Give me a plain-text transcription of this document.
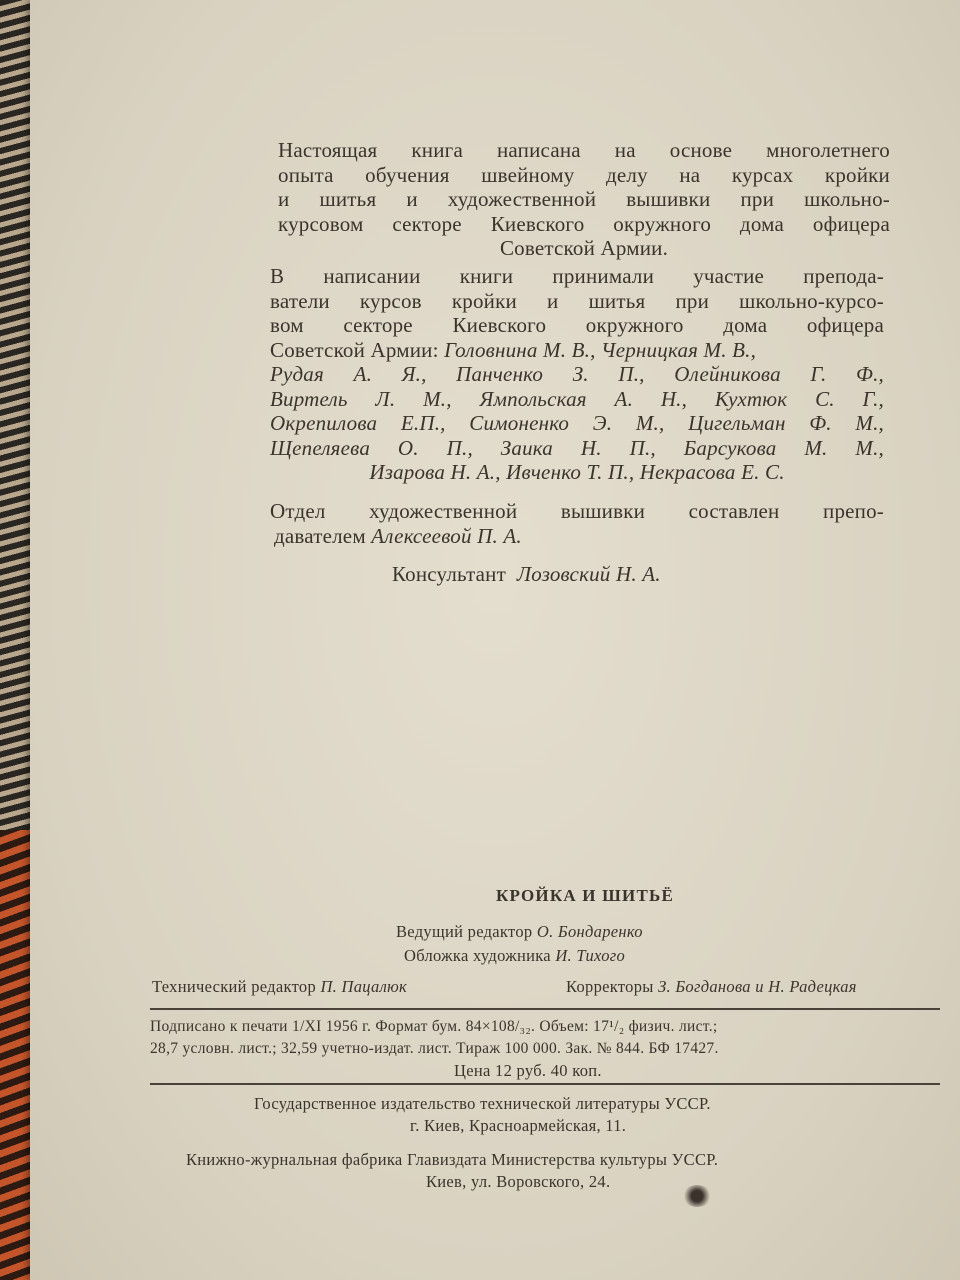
Настоящая книга написана на основе многолетнего
опыта обучения швейному делу на курсах кройки
и шитья и художественной вышивки при школьно-
курсовом секторе Киевского окружного дома офицера
Советской Армии.
В написании книги принимали участие препода-
ватели курсов кройки и шитья при школьно-курсо-
вом секторе Киевского окружного дома офицера
Советской Армии: Головнина М. В., Черницкая М. В.,
Рудая А. Я., Панченко З. П., Олейникова Г. Ф.,
Виртель Л. М., Ямпольская А. Н., Кухтюк С. Г.,
Окрепилова Е.П., Симоненко Э. М., Цигельман Ф. М.,
Щепеляева О. П., Заика Н. П., Барсукова М. М.,
Изарова Н. А., Ивченко Т. П., Некрасова Е. С.
Отдел художественной вышивки составлен препо-
давателем Алексеевой П. А.
Консультант Лозовский Н. А.
КРОЙКА И ШИТЬЁ
Ведущий редактор О. Бондаренко
Обложка художника И. Тихого
Технический редактор П. Пацалюк	Корректоры З. Богданова и Н. Радецкая
Подписано к печати 1/XI 1956 г. Формат бум. 84×108/₃₂. Объем: 17¹/₂ физич. лист.;
28,7 условн. лист.; 32,59 учетно-издат. лист. Тираж 100 000. Зак. № 844. БФ 17427.
Цена 12 руб. 40 коп.
Государственное издательство технической литературы УССР.
г. Киев, Красноармейская, 11.
Книжно-журнальная фабрика Главиздата Министерства культуры УССР.
Киев, ул. Воровского, 24.
